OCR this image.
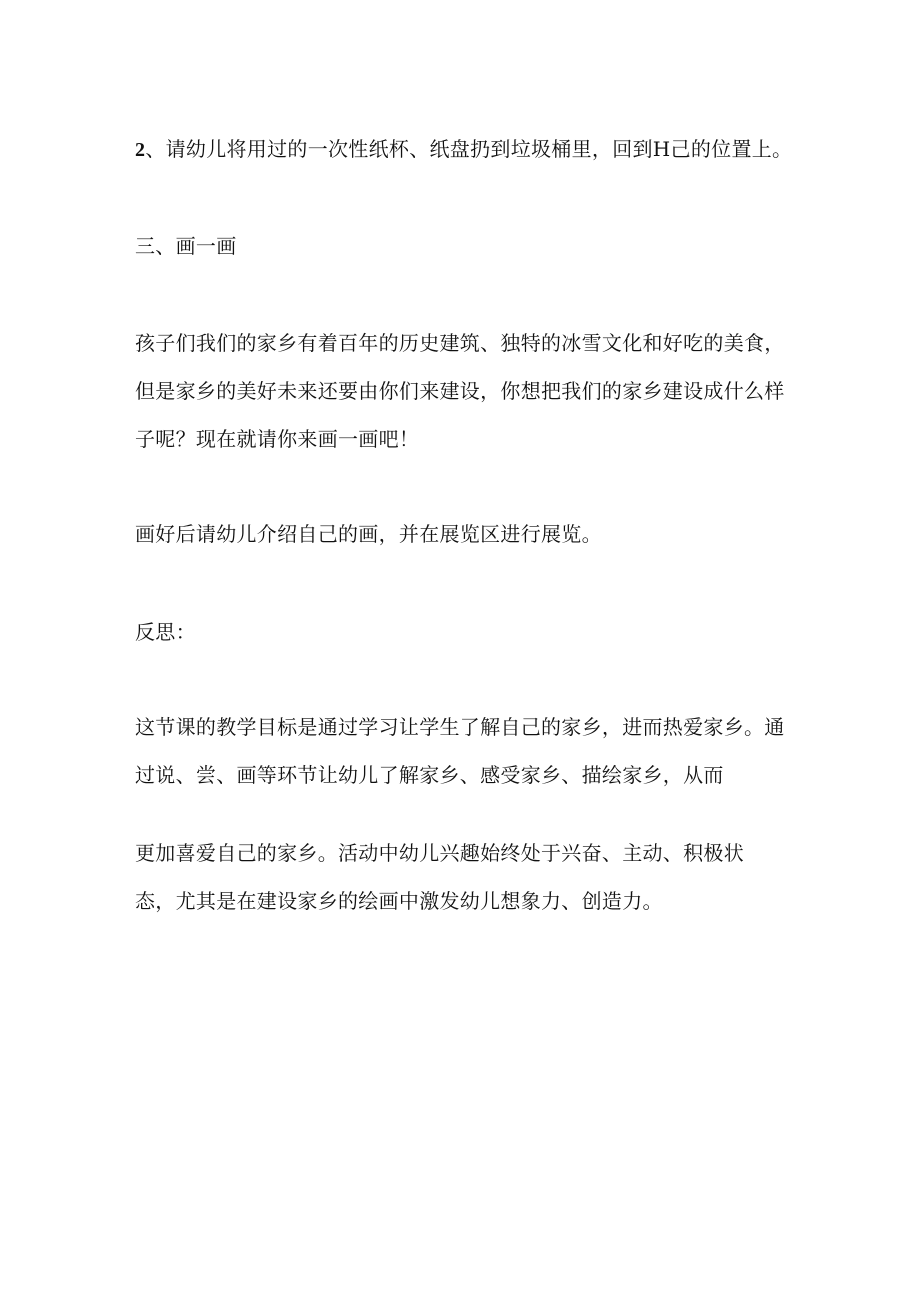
2、请幼儿将用过的一次性纸杯、纸盘扔到垃圾桶里，回到H己的位置上。
三、画一画
孩子们我们的家乡有着百年的历史建筑、独特的冰雪文化和好吃的美食，
但是家乡的美好未来还要由你们来建设，你想把我们的家乡建设成什么样
子呢？现在就请你来画一画吧！
画好后请幼儿介绍自己的画，并在展览区进行展览。
反思：
这节课的教学目标是通过学习让学生了解自己的家乡，进而热爱家乡。通
过说、尝、画等环节让幼儿了解家乡、感受家乡、描绘家乡，从而
更加喜爱自己的家乡。活动中幼儿兴趣始终处于兴奋、主动、积极状
态，尤其是在建设家乡的绘画中激发幼儿想象力、创造力。
